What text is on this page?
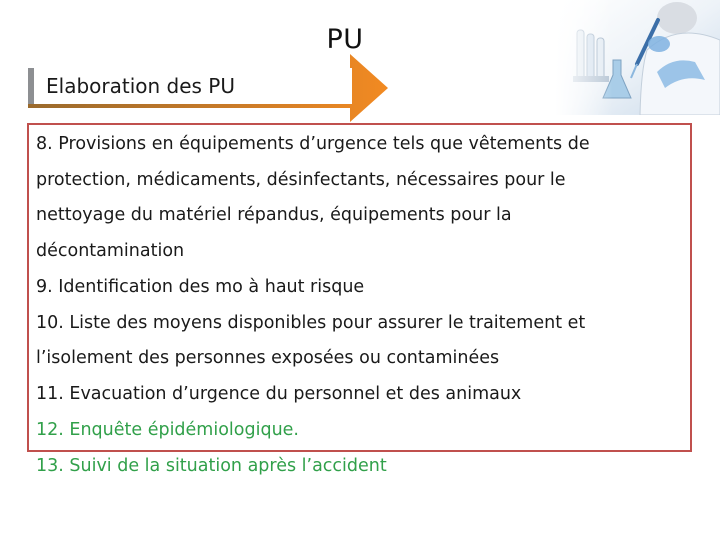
PU
Elaboration des PU

8. Provisions en équipements d’urgence tels que vêtements de

protection, médicaments, désinfectants, nécessaires pour le

nettoyage du matériel répandus, équipements pour la

décontamination

9. Identification des mo à haut risque

10. Liste des moyens disponibles pour assurer le traitement et

l’isolement des personnes exposées ou contaminées

11. Evacuation d’urgence du personnel et des animaux

12. Enquête épidémiologique.

13. Suivi de la situation après l’accident
